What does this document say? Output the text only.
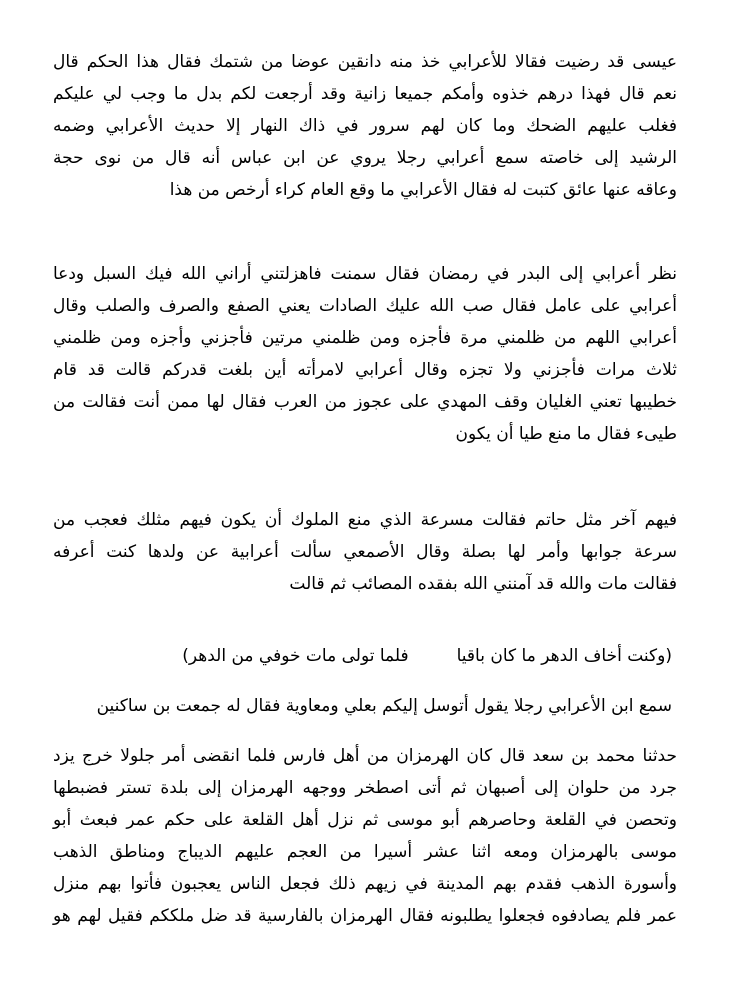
عيسى قد رضيت فقالا للأعرابي خذ منه دانقين عوضا من شتمك فقال هذا الحكم قال
نعم قال فهذا درهم خذوه وأمكم جميعا زانية وقد أرجعت لكم بدل ما وجب لي عليكم
فغلب عليهم الضحك وما كان لهم سرور في ذاك النهار إلا حديث الأعرابي وضمه
الرشيد إلى خاصته سمع أعرابي رجلا يروي عن ابن عباس أنه قال من نوى حجة
وعاقه عنها عائق كتبت له فقال الأعرابي ما وقع العام كراء أرخص من هذا
نظر أعرابي إلى البدر في رمضان فقال سمنت فاهزلتني أراني الله فيك السبل ودعا
أعرابي على عامل فقال صب الله عليك الصادات يعني الصفع والصرف والصلب وقال
أعرابي اللهم من ظلمني مرة فأجزه ومن ظلمني مرتين فأجزني وأجزه ومن ظلمني
ثلاث مرات فأجزني ولا تجزه وقال أعرابي لامرأته أين بلغت قدركم قالت قد قام
خطيبها تعني الغليان وقف المهدي على عجوز من العرب فقال لها ممن أنت فقالت من
طيىء فقال ما منع طيا أن يكون
فيهم آخر مثل حاتم فقالت مسرعة الذي منع الملوك أن يكون فيهم مثلك فعجب من
سرعة جوابها وأمر لها بصلة وقال الأصمعي سألت أعرابية عن ولدها كنت أعرفه
فقالت مات والله قد آمنني الله بفقده المصائب ثم قالت
(وكنت أخاف الدهر ما كان باقيا
فلما تولى مات خوفي من الدهر)
سمع ابن الأعرابي رجلا يقول أتوسل إليكم بعلي ومعاوية فقال له جمعت بن ساكنين
حدثنا محمد بن سعد قال كان الهرمزان من أهل فارس فلما انقضى أمر جلولا خرج يزد
جرد من حلوان إلى أصبهان ثم أتى اصطخر ووجهه الهرمزان إلى بلدة تستر فضبطها
وتحصن في القلعة وحاصرهم أبو موسى ثم نزل أهل القلعة على حكم عمر فبعث أبو
موسى بالهرمزان ومعه اثنا عشر أسيرا من العجم عليهم الديباج ومناطق الذهب
وأسورة الذهب فقدم بهم المدينة في زيهم ذلك فجعل الناس يعجبون فأتوا بهم منزل
عمر فلم يصادفوه فجعلوا يطلبونه فقال الهرمزان بالفارسية قد ضل ملككم فقيل لهم هو
